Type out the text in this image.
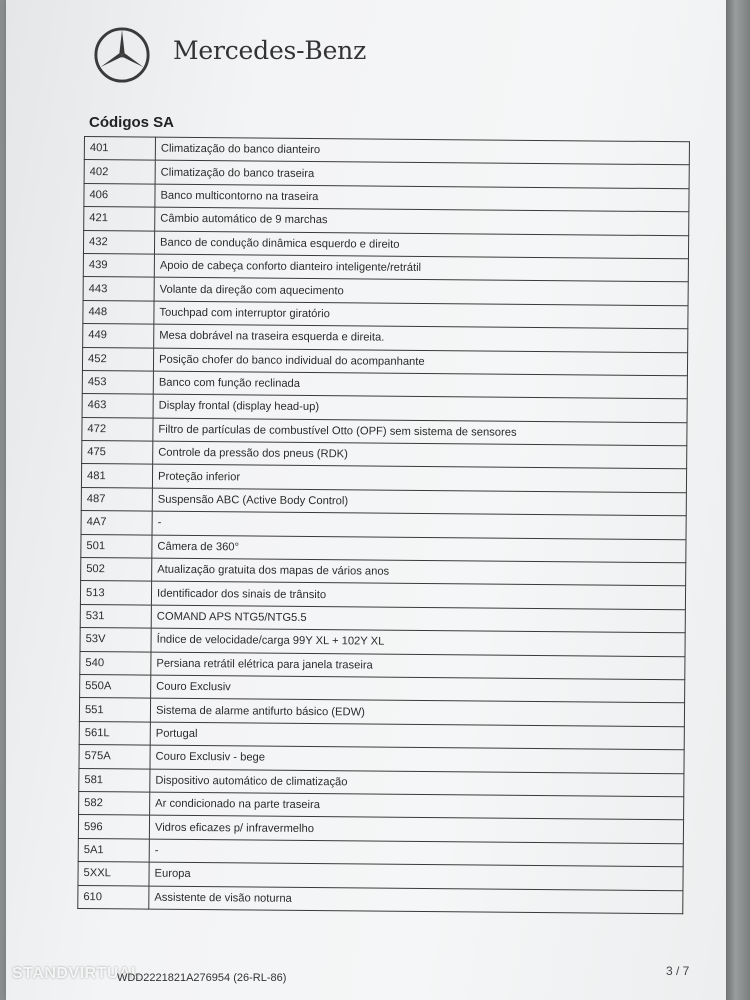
Mercedes-Benz
Códigos SA
401	Climatização do banco dianteiro
402	Climatização do banco traseira
406	Banco multicontorno na traseira
421	Câmbio automático de 9 marchas
432	Banco de condução dinâmica esquerdo e direito
439	Apoio de cabeça conforto dianteiro inteligente/retrátil
443	Volante da direção com aquecimento
448	Touchpad com interruptor giratório
449	Mesa dobrável na traseira esquerda e direita.
452	Posição chofer do banco individual do acompanhante
453	Banco com função reclinada
463	Display frontal (display head-up)
472	Filtro de partículas de combustível Otto (OPF) sem sistema de sensores
475	Controle da pressão dos pneus (RDK)
481	Proteção inferior
487	Suspensão ABC (Active Body Control)
4A7	-
501	Câmera de 360°
502	Atualização gratuita dos mapas de vários anos
513	Identificador dos sinais de trânsito
531	COMAND APS NTG5/NTG5.5
53V	Índice de velocidade/carga 99Y XL + 102Y XL
540	Persiana retrátil elétrica para janela traseira
550A	Couro Exclusiv
551	Sistema de alarme antifurto básico (EDW)
561L	Portugal
575A	Couro Exclusiv - bege
581	Dispositivo automático de climatização
582	Ar condicionado na parte traseira
596	Vidros eficazes p/ infravermelho
5A1	-
5XXL	Europa
610	Assistente de visão noturna
STANDVIRTUAL
WDD2221821A276954 (26-RL-86)	3 / 7
